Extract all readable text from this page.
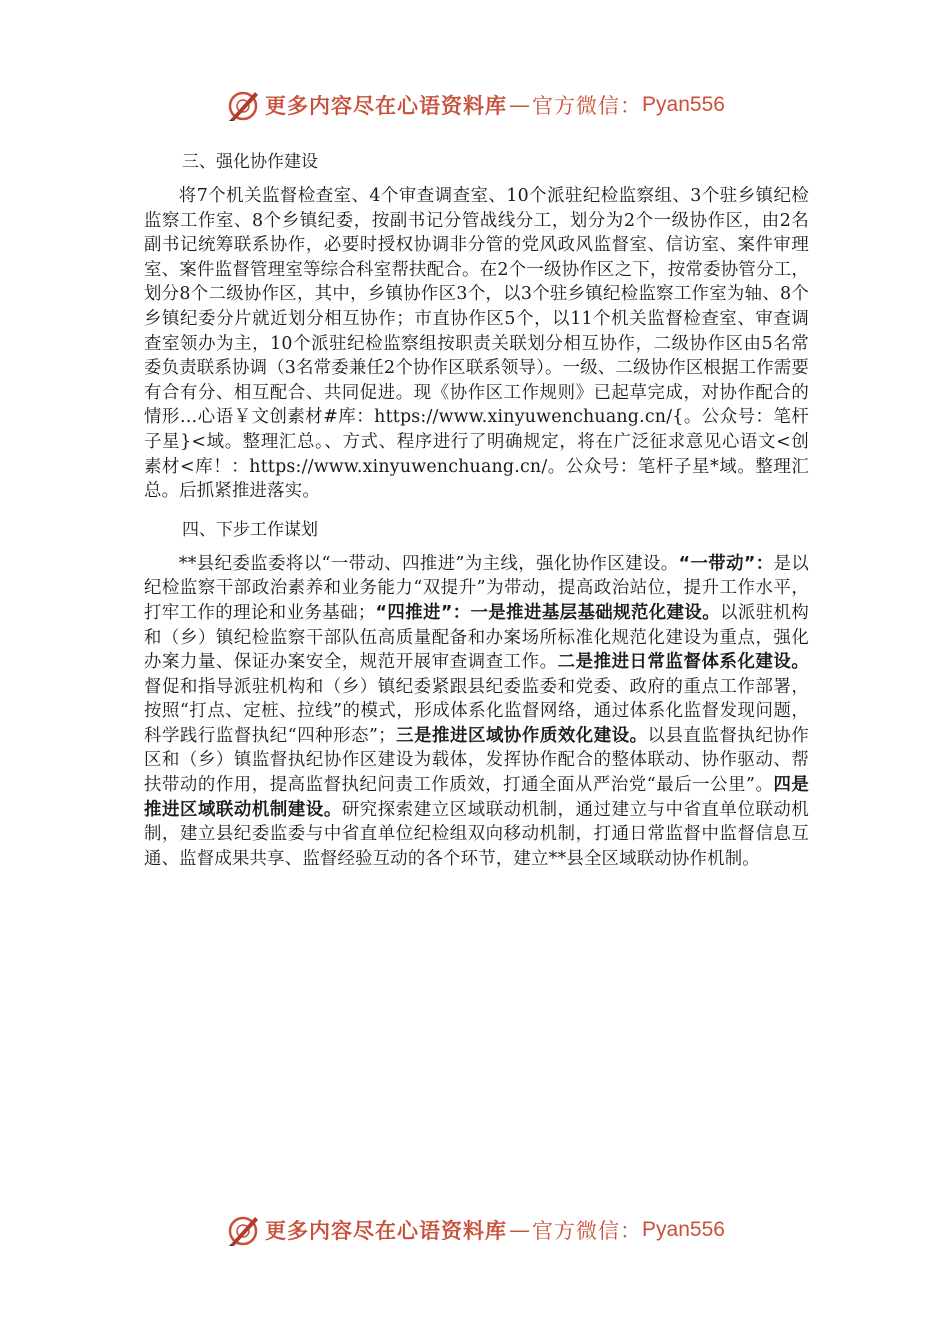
更多内容尽在心语资料库 — 官方微信： Pyan556
三、强化协作建设

将7个机关监督检查室、4个审查调查室、10个派驻纪检监察组、3个驻乡镇纪检监察工作室、8个乡镇纪委，按副书记分管战线分工，划分为2个一级协作区，由2名副书记统筹联系协作，必要时授权协调非分管的党风政风监督室、信访室、案件审理室、案件监督管理室等综合科室帮扶配合。在2个一级协作区之下，按常委协管分工，划分8个二级协作区，其中，乡镇协作区3个，以3个驻乡镇纪检监察工作室为轴、8个乡镇纪委分片就近划分相互协作；市直协作区5个，以11个机关监督检查室、审查调查室领办为主，10个派驻纪检监察组按职责关联划分相互协作，二级协作区由5名常委负责联系协调（3名常委兼任2个协作区联系领导）。一级、二级协作区根据工作需要有合有分、相互配合、共同促进。现《协作区工作规则》已起草完成，对协作配合的情形…心语￥文创素材#库：https://www.xinyuwenchuang.cn/{。公众号：笔杆子星}<域。整理汇总。、方式、程序进行了明确规定，将在广泛征求意见心语文<创素材<库！：https://www.xinyuwenchuang.cn/。公众号：笔杆子星*域。整理汇总。后抓紧推进落实。

四、下步工作谋划

**县纪委监委将以“一带动、四推进”为主线，强化协作区建设。“一带动”：是以纪检监察干部政治素养和业务能力“双提升”为带动，提高政治站位，提升工作水平，打牢工作的理论和业务基础；“四推进”：一是推进基层基础规范化建设。以派驻机构和（乡）镇纪检监察干部队伍高质量配备和办案场所标准化规范化建设为重点，强化办案力量、保证办案安全，规范开展审查调查工作。二是推进日常监督体系化建设。督促和指导派驻机构和（乡）镇纪委紧跟县纪委监委和党委、政府的重点工作部署，按照“打点、定桩、拉线”的模式，形成体系化监督网络，通过体系化监督发现问题，科学践行监督执纪“四种形态”；三是推进区域协作质效化建设。以县直监督执纪协作区和（乡）镇监督执纪协作区建设为载体，发挥协作配合的整体联动、协作驱动、帮扶带动的作用，提高监督执纪问责工作质效，打通全面从严治党“最后一公里”。四是推进区域联动机制建设。研究探索建立区域联动机制，通过建立与中省直单位联动机制，建立县纪委监委与中省直单位纪检组双向移动机制，打通日常监督中监督信息互通、监督成果共享、监督经验互动的各个环节，建立**县全区域联动协作机制。

更多内容尽在心语资料库 — 官方微信： Pyan556
